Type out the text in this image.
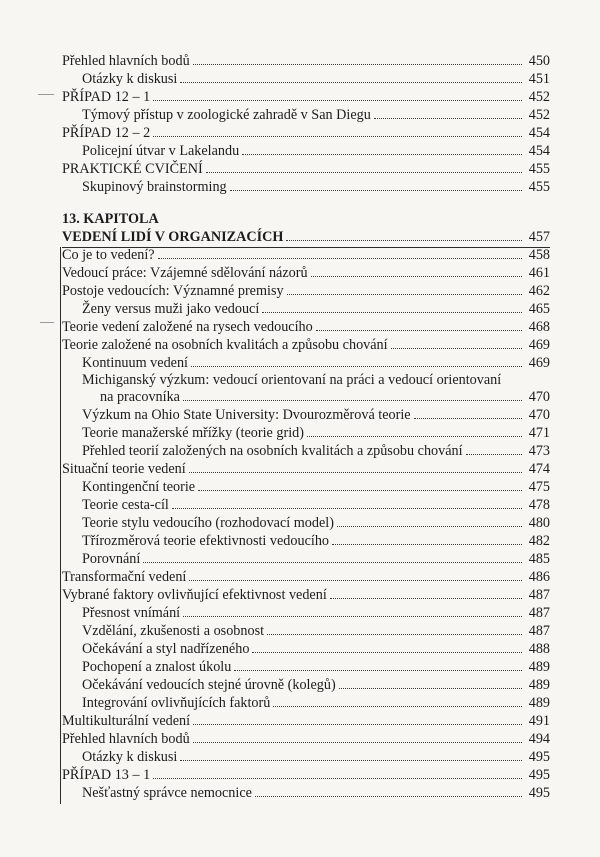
Přehled hlavních bodů	450
Otázky k diskusi	451
PŘÍPAD 12 – 1	452
Týmový přístup v zoologické zahradě v San Diegu	452
PŘÍPAD 12 – 2	454
Policejní útvar v Lakelandu	454
PRAKTICKÉ CVIČENÍ	455
Skupinový brainstorming	455
13. KAPITOLA
VEDENÍ LIDÍ V ORGANIZACÍCH	457
Co je to vedení?	458
Vedoucí práce: Vzájemné sdělování názorů	461
Postoje vedoucích: Významné premisy	462
Ženy versus muži jako vedoucí	465
Teorie vedení založené na rysech vedoucího	468
Teorie založené na osobních kvalitách a způsobu chování	469
Kontinuum vedení	469
Michiganský výzkum: vedoucí orientovaní na práci a vedoucí orientovaní
na pracovníka	470
Výzkum na Ohio State University: Dvourozměrová teorie	470
Teorie manažerské mřížky (teorie grid)	471
Přehled teorií založených na osobních kvalitách a způsobu chování	473
Situační teorie vedení	474
Kontingenční teorie	475
Teorie cesta-cíl	478
Teorie stylu vedoucího (rozhodovací model)	480
Třírozměrová teorie efektivnosti vedoucího	482
Porovnání	485
Transformační vedení	486
Vybrané faktory ovlivňující efektivnost vedení	487
Přesnost vnímání	487
Vzdělání, zkušenosti a osobnost	487
Očekávání a styl nadřízeného	488
Pochopení a znalost úkolu	489
Očekávání vedoucích stejné úrovně (kolegů)	489
Integrování ovlivňujících faktorů	489
Multikulturální vedení	491
Přehled hlavních bodů	494
Otázky k diskusi	495
PŘÍPAD 13 – 1	495
Nešťastný správce nemocnice	495
